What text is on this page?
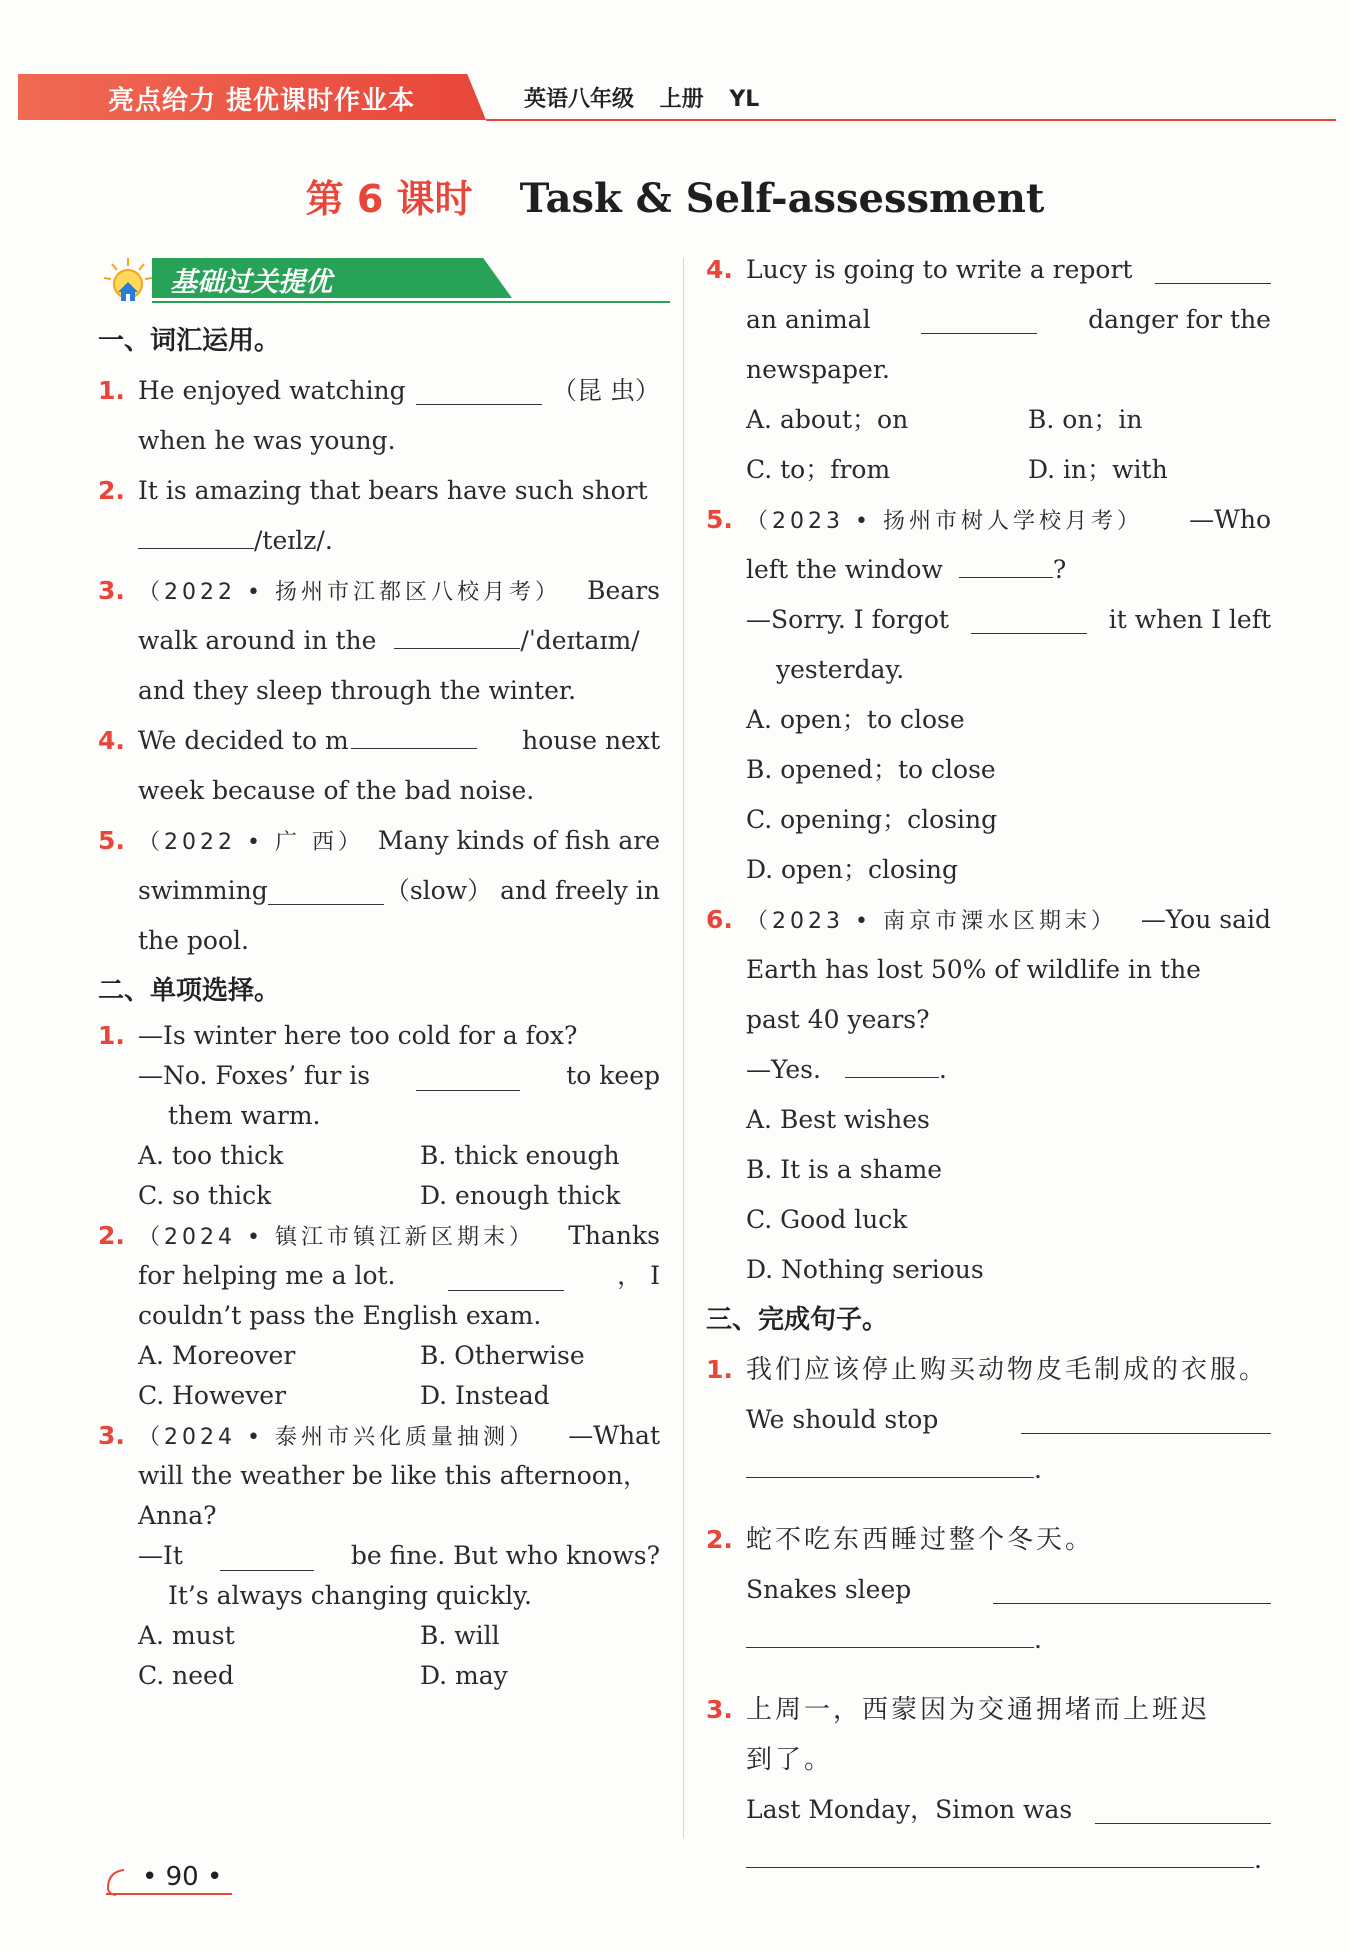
亮点给力 提优课时作业本	英语八年级 上册 YL
第 6 课时 Task & Self-assessment
基础过关提优
一、词汇运用。
1. He enjoyed watching	（昆 虫）
when he was young.
2. It is amazing that bears have such short
/teɪlz/.
3. （2022 • 扬州市江都区八校月考） Bears
walk around in the	/ˈdeɪtaɪm/
and they sleep through the winter.
4. We decided to m	house next
week because of the bad noise.
5. （2022 • 广 西） Many kinds of fish are
swimming	（slow） and freely in
the pool.
二、单项选择。
1. —Is winter here too cold for a fox?
—No. Foxes’ fur is	to keep
them warm.
A. too thick	B. thick enough
C. so thick	D. enough thick
2. （2024 • 镇江市镇江新区期末） Thanks
for helping me a lot.	， I
couldn’t pass the English exam.
A. Moreover	B. Otherwise
C. However	D. Instead
3. （2024 • 泰州市兴化质量抽测） —What
will the weather be like this afternoon，
Anna?
—It	be fine. But who knows?
It’s always changing quickly.
A. must	B. will
C. need	D. may
4. Lucy is going to write a report
an animal	danger for the
newspaper.
A. about；on	B. on；in
C. to；from	D. in；with
5. （2023 • 扬州市树人学校月考） —Who
left the window	?
—Sorry. I forgot	it when I left
yesterday.
A. open；to close
B. opened；to close
C. opening；closing
D. open；closing
6. （2023 • 南京市溧水区期末） —You said
Earth has lost 50% of wildlife in the
past 40 years?
—Yes.	.
A. Best wishes
B. It is a shame
C. Good luck
D. Nothing serious
三、完成句子。
1. 我们应该停止购买动物皮毛制成的衣服。
We should stop
.
2. 蛇不吃东西睡过整个冬天。
Snakes sleep
.
3. 上周一，西蒙因为交通拥堵而上班迟
到了。
Last Monday，Simon was
.
• 90 •
